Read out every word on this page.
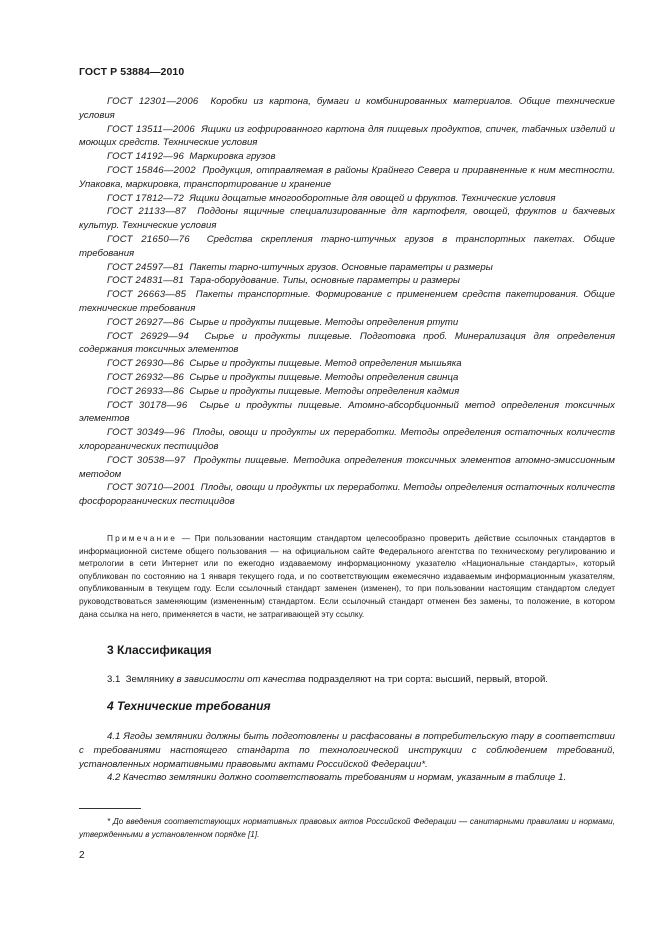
ГОСТ Р 53884—2010

ГОСТ 12301—2006 Коробки из картона, бумаги и комбинированных материалов. Общие технические условия

ГОСТ 13511—2006 Ящики из гофрированного картона для пищевых продуктов, спичек, табачных изделий и моющих средств. Технические условия

ГОСТ 14192—96 Маркировка грузов

ГОСТ 15846—2002 Продукция, отправляемая в районы Крайнего Севера и приравненные к ним местности. Упаковка, маркировка, транспортирование и хранение

ГОСТ 17812—72 Ящики дощатые многооборотные для овощей и фруктов. Технические условия

ГОСТ 21133—87 Поддоны ящичные специализированные для картофеля, овощей, фруктов и бахчевых культур. Технические условия

ГОСТ 21650—76 Средства скрепления тарно-штучных грузов в транспортных пакетах. Общие требования

ГОСТ 24597—81 Пакеты тарно-штучных грузов. Основные параметры и размеры

ГОСТ 24831—81 Тара-оборудование. Типы, основные параметры и размеры

ГОСТ 26663—85 Пакеты транспортные. Формирование с применением средств пакетирования. Общие технические требования

ГОСТ 26927—86 Сырье и продукты пищевые. Методы определения ртути

ГОСТ 26929—94 Сырье и продукты пищевые. Подготовка проб. Минерализация для определения содержания токсичных элементов

ГОСТ 26930—86 Сырье и продукты пищевые. Метод определения мышьяка

ГОСТ 26932—86 Сырье и продукты пищевые. Методы определения свинца

ГОСТ 26933—86 Сырье и продукты пищевые. Методы определения кадмия

ГОСТ 30178—96 Сырье и продукты пищевые. Атомно-абсорбционный метод определения токсичных элементов

ГОСТ 30349—96 Плоды, овощи и продукты их переработки. Методы определения остаточных количеств хлорорганических пестицидов

ГОСТ 30538—97 Продукты пищевые. Методика определения токсичных элементов атомно-эмиссионным методом

ГОСТ 30710—2001 Плоды, овощи и продукты их переработки. Методы определения остаточных количеств фосфорорганических пестицидов

Примечание — При пользовании настоящим стандартом целесообразно проверить действие ссылочных стандартов в информационной системе общего пользования — на официальном сайте Федерального агентства по техническому регулированию и метрологии в сети Интернет или по ежегодно издаваемому информационному указателю «Национальные стандарты», который опубликован по состоянию на 1 января текущего года, и по соответствующим ежемесячно издаваемым информационным указателям, опубликованным в текущем году. Если ссылочный стандарт заменен (изменен), то при пользовании настоящим стандартом следует руководствоваться заменяющим (измененным) стандартом. Если ссылочный стандарт отменен без замены, то положение, в котором дана ссылка на него, применяется в части, не затрагивающей эту ссылку.

3 Классификация

3.1 Землянику в зависимости от качества подразделяют на три сорта: высший, первый, второй.

4 Технические требования

4.1 Ягоды земляники должны быть подготовлены и расфасованы в потребительскую тару в соответствии с требованиями настоящего стандарта по технологической инструкции с соблюдением требований, установленных нормативными правовыми актами Российской Федерации*.

4.2 Качество земляники должно соответствовать требованиям и нормам, указанным в таблице 1.

* До введения соответствующих нормативных правовых актов Российской Федерации — санитарными правилами и нормами, утвержденными в установленном порядке [1].

2
